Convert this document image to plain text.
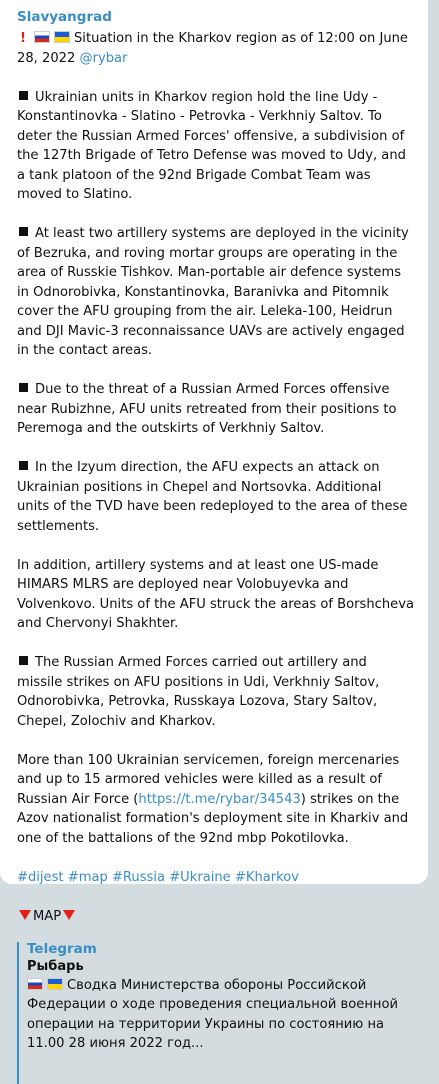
Slavyangrad

!	Situation in the Kharkov region as of 12:00 on June 28, 2022 @rybar

Ukrainian units in Kharkov region hold the line Udy - Konstantinovka - Slatino - Petrovka - Verkhniy Saltov. To deter the Russian Armed Forces' offensive, a subdivision of the 127th Brigade of Tetro Defense was moved to Udy, and a tank platoon of the 92nd Brigade Combat Team was moved to Slatino.

At least two artillery systems are deployed in the vicinity of Bezruka, and roving mortar groups are operating in the area of Russkie Tishkov. Man-portable air defence systems in Odnorobivka, Konstantinovka, Baranivka and Pitomnik cover the AFU grouping from the air. Leleka-100, Heidrun and DJI Mavic-3 reconnaissance UAVs are actively engaged in the contact areas.

Due to the threat of a Russian Armed Forces offensive near Rubizhne, AFU units retreated from their positions to Peremoga and the outskirts of Verkhniy Saltov.

In the Izyum direction, the AFU expects an attack on Ukrainian positions in Chepel and Nortsovka. Additional units of the TVD have been redeployed to the area of these settlements.

In addition, artillery systems and at least one US-made HIMARS MLRS are deployed near Volobuyevka and Volvenkovo. Units of the AFU struck the areas of Borshcheva and Chervonyi Shakhter.

The Russian Armed Forces carried out artillery and missile strikes on AFU positions in Udi, Verkhniy Saltov, Odnorobivka, Petrovka, Russkaya Lozova, Stary Saltov, Chepel, Zolochiv and Kharkov.

More than 100 Ukrainian servicemen, foreign mercenaries and up to 15 armored vehicles were killed as a result of Russian Air Force (https://t.me/rybar/34543) strikes on the Azov nationalist formation's deployment site in Kharkiv and one of the battalions of the 92nd mbp Pokotilovka.

#dijest #map #Russia #Ukraine #Kharkov

MAP

Telegram
Рыбарь
Сводка Министерства обороны Российской Федерации о ходе проведения специальной военной операции на территории Украины по состоянию на 11.00 28 июня 2022 год...
